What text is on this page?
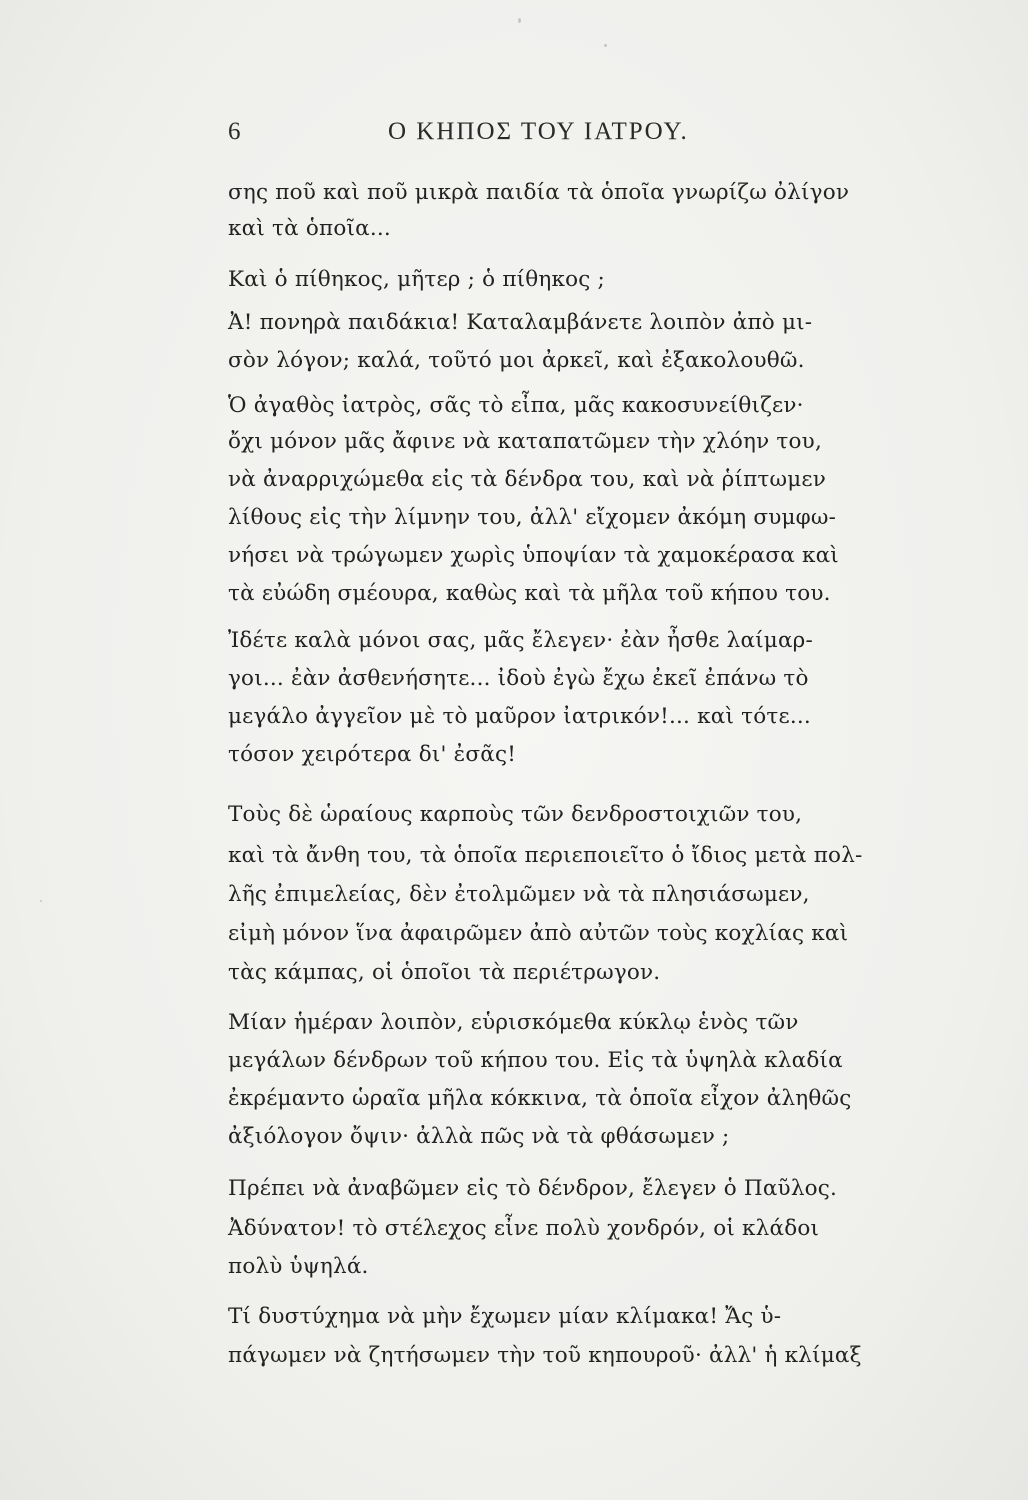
6	Ο ΚΗΠΟΣ ΤΟΥ ΙΑΤΡΟΥ.
σης ποῦ καὶ ποῦ μικρὰ παιδία τὰ ὁποῖα γνωρίζω ὀλίγον
καὶ τὰ ὁποῖα...
Καὶ ὁ πίθηκος, μῆτερ ; ὁ πίθηκος ;
Ἀ! πονηρὰ παιδάκια! Καταλαμβάνετε λοιπὸν ἀπὸ μι-
σὸν λόγον; καλά, τοῦτό μοι ἀρκεῖ, καὶ ἐξακολουθῶ.
Ὁ ἀγαθὸς ἰατρὸς, σᾶς τὸ εἶπα, μᾶς κακοσυνείθιζεν·
ὄχι μόνον μᾶς ἄφινε νὰ καταπατῶμεν τὴν χλόην του,
νὰ ἀναρριχώμεθα εἰς τὰ δένδρα του, καὶ νὰ ῥίπτωμεν
λίθους εἰς τὴν λίμνην του, ἀλλ' εἴχομεν ἀκόμη συμφω-
νήσει νὰ τρώγωμεν χωρὶς ὑποψίαν τὰ χαμοκέρασα καὶ
τὰ εὐώδη σμέουρα, καθὼς καὶ τὰ μῆλα τοῦ κήπου του.
Ἰδέτε καλὰ μόνοι σας, μᾶς ἔλεγεν· ἐὰν ἦσθε λαίμαρ-
γοι... ἐὰν ἀσθενήσητε... ἰδοὺ ἐγὼ ἔχω ἐκεῖ ἐπάνω τὸ
μεγάλο ἀγγεῖον μὲ τὸ μαῦρον ἰατρικόν!... καὶ τότε...
τόσον χειρότερα δι' ἐσᾶς!
Τοὺς δὲ ὡραίους καρποὺς τῶν δενδροστοιχιῶν του,
καὶ τὰ ἄνθη του, τὰ ὁποῖα περιεποιεῖτο ὁ ἴδιος μετὰ πολ-
λῆς ἐπιμελείας, δὲν ἐτολμῶμεν νὰ τὰ πλησιάσωμεν,
εἰμὴ μόνον ἵνα ἀφαιρῶμεν ἀπὸ αὐτῶν τοὺς κοχλίας καὶ
τὰς κάμπας, οἱ ὁποῖοι τὰ περιέτρωγον.
Μίαν ἡμέραν λοιπὸν, εὑρισκόμεθα κύκλῳ ἑνὸς τῶν
μεγάλων δένδρων τοῦ κήπου του. Εἰς τὰ ὑψηλὰ κλαδία
ἐκρέμαντο ὡραῖα μῆλα κόκκινα, τὰ ὁποῖα εἶχον ἀληθῶς
ἀξιόλογον ὄψιν· ἀλλὰ πῶς νὰ τὰ φθάσωμεν ;
Πρέπει νὰ ἀναβῶμεν εἰς τὸ δένδρον, ἔλεγεν ὁ Παῦλος.
Ἀδύνατον! τὸ στέλεχος εἶνε πολὺ χονδρόν, οἱ κλάδοι
πολὺ ὑψηλά.
Τί δυστύχημα νὰ μὴν ἔχωμεν μίαν κλίμακα! Ἄς ὑ-
πάγωμεν νὰ ζητήσωμεν τὴν τοῦ κηπουροῦ· ἀλλ' ἡ κλίμαξ
